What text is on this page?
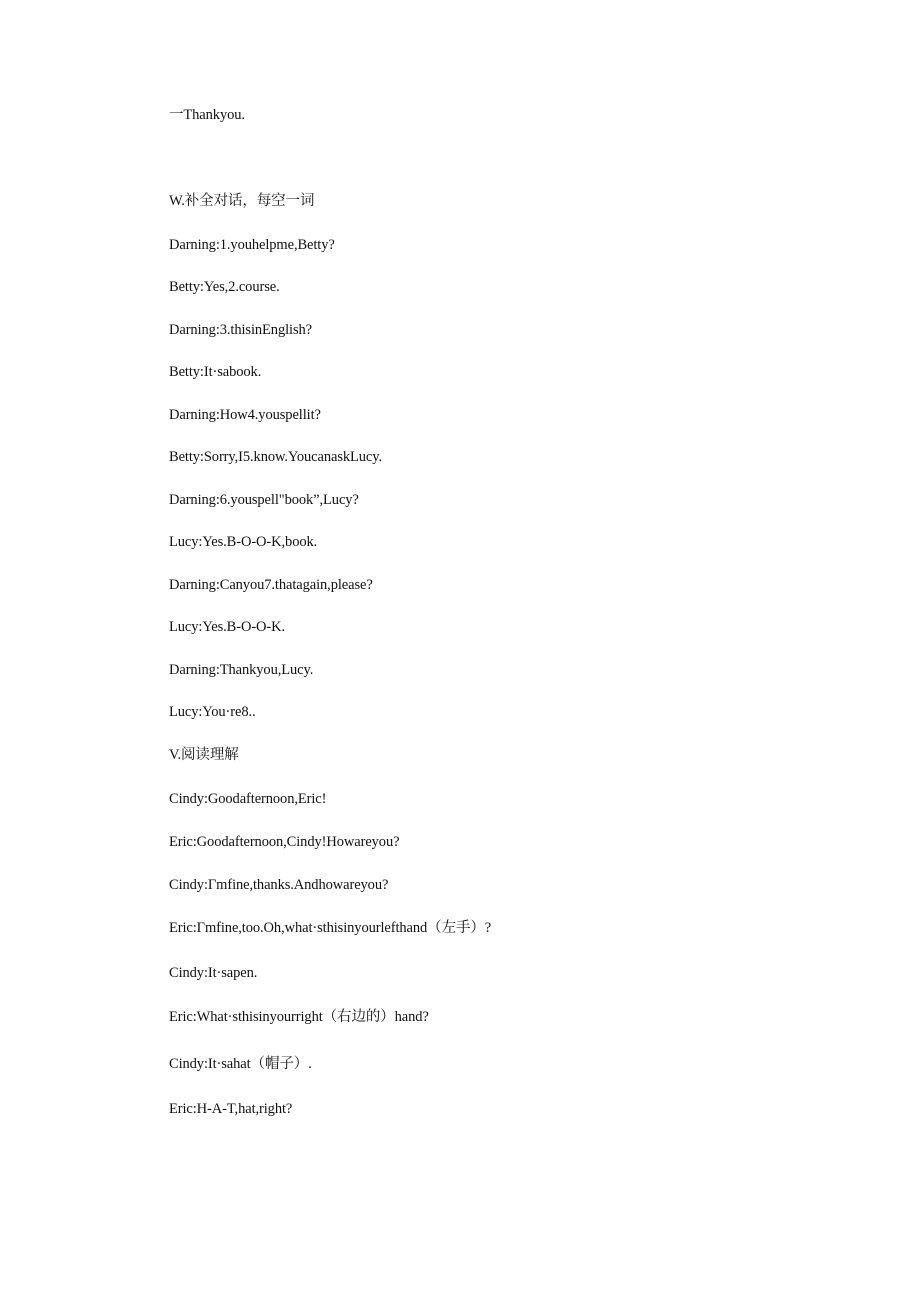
一Thankyou.
W.补全对话，每空一词
Darning:1.youhelpme,Betty?
Betty:Yes,2.course.
Darning:3.thisinEnglish?
Betty:It·sabook.
Darning:How4.youspellit?
Betty:Sorry,I5.know.YoucanaskLucy.
Darning:6.youspell"book”,Lucy?
Lucy:Yes.B-O-O-K,book.
Darning:Canyou7.thatagain,please?
Lucy:Yes.B-O-O-K.
Darning:Thankyou,Lucy.
Lucy:You·re8..
V.阅读理解
Cindy:Goodafternoon,Eric!
Eric:Goodafternoon,Cindy!Howareyou?
Cindy:Γmfine,thanks.Andhowareyou?
Eric:Γmfine,too.Oh,what·sthisinyourlefthand（左手）?
Cindy:It·sapen.
Eric:What·sthisinyourright（右边的）hand?
Cindy:It·sahat（帽子）.
Eric:H-A-T,hat,right?
